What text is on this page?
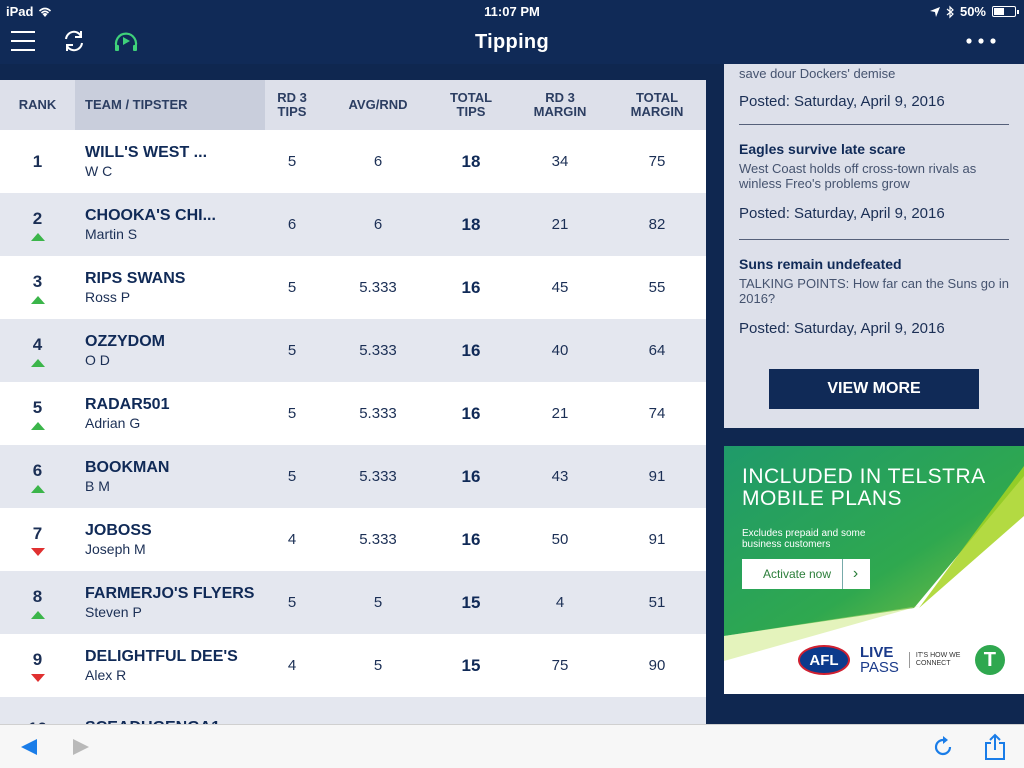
iPad	11:07 PM	50%
Tipping
RANK	TEAM / TIPSTER	RD 3 TIPS	AVG/RND	TOTAL TIPS
RD 3 MARGIN
TOTAL MARGIN
1	WILL'S WEST ...
W C
5	6	18	34	75
2	CHOOKA'S CHI...
Martin S
6	6	18	21	82
3	RIPS SWANS
Ross P
5	5.333	16	45	55
4	OZZYDOM
O D
5	5.333	16	40	64
5	RADAR501
Adrian G
5	5.333	16	21	74
6	BOOKMAN
B M
5	5.333	16	43	91
7	JOBOSS
Joseph M
4	5.333	16	50	91
8	FARMERJO'S FLYERS
Steven P
5	5	15	4	51
9	DELIGHTFUL DEE'S
Alex R
4	5	15	75	90
save dour Dockers' demise
Posted: Saturday, April 9, 2016
Eagles survive late scare
West Coast holds off cross-town rivals as winless Freo's problems grow
Posted: Saturday, April 9, 2016
Suns remain undefeated
TALKING POINTS: How far can the Suns go in 2016?
Posted: Saturday, April 9, 2016
VIEW MORE
INCLUDED IN TELSTRA MOBILE PLANS
Excludes prepaid and some business customers
Activate now	›
AFL	LIVE
PASS
IT'S HOW WE CONNECT	T
